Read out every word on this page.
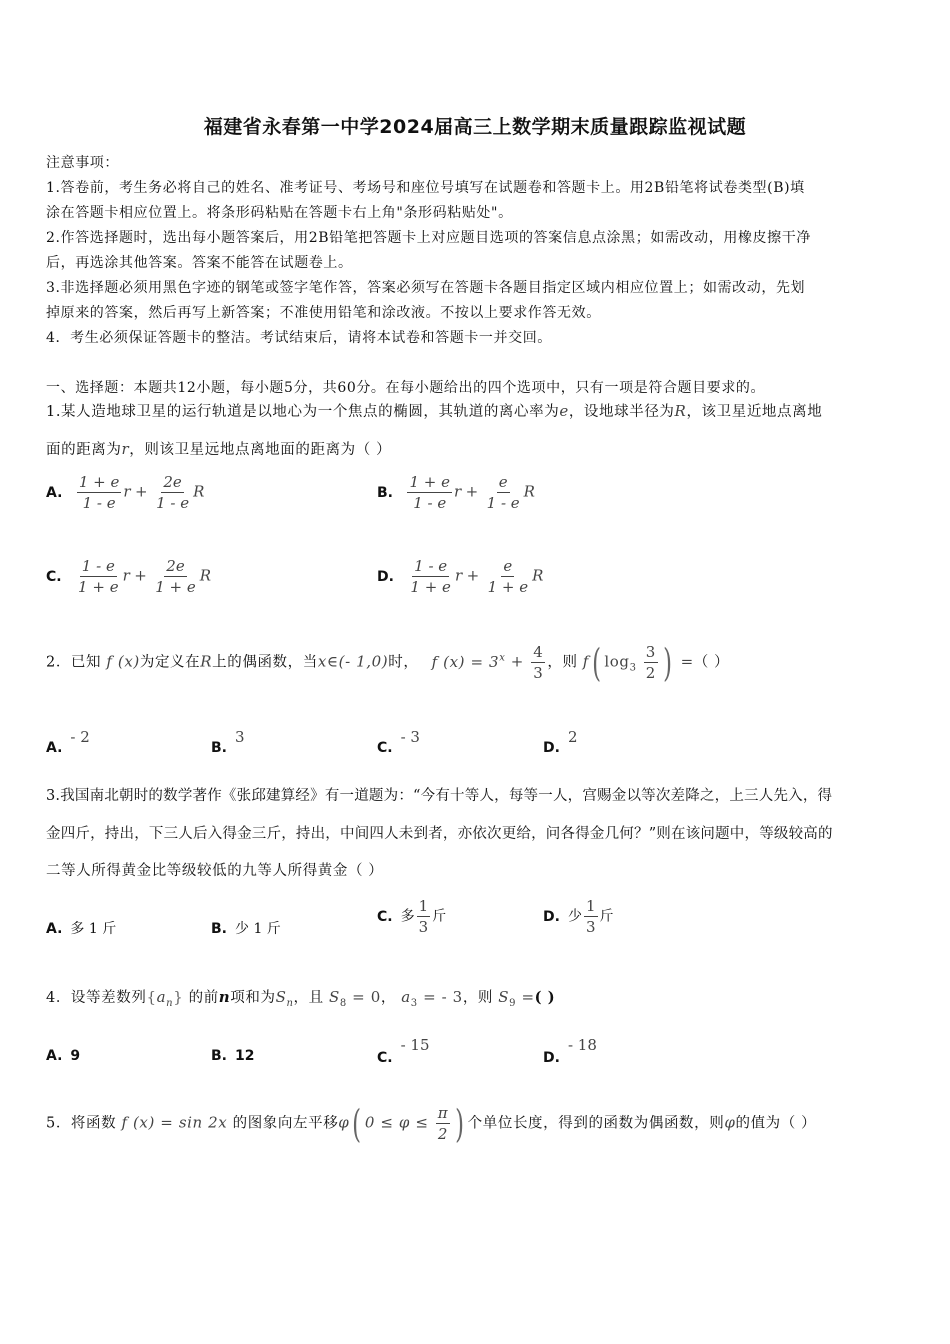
福建省永春第一中学2024届高三上数学期末质量跟踪监视试题
注意事项：
1.答卷前，考生务必将自己的姓名、准考证号、考场号和座位号填写在试题卷和答题卡上。用2B铅笔将试卷类型(B)填
涂在答题卡相应位置上。将条形码粘贴在答题卡右上角"条形码粘贴处"。
2.作答选择题时，选出每小题答案后，用2B铅笔把答题卡上对应题目选项的答案信息点涂黑；如需改动，用橡皮擦干净
后，再选涂其他答案。答案不能答在试题卷上。
3.非选择题必须用黑色字迹的钢笔或签字笔作答，答案必须写在答题卡各题目指定区域内相应位置上；如需改动，先划
掉原来的答案，然后再写上新答案；不准使用铅笔和涂改液。不按以上要求作答无效。
4．考生必须保证答题卡的整洁。考试结束后，请将本试卷和答题卡一并交回。
一、选择题：本题共12小题，每小题5分，共60分。在每小题给出的四个选项中，只有一项是符合题目要求的。
1.某人造地球卫星的运行轨道是以地心为一个焦点的椭圆，其轨道的离心率为e，设地球半径为R，该卫星近地点离地
面的距离为r，则该卫星远地点离地面的距离为（ ）
A. $\frac{1 + e}{1 - e}$ $r + \frac{2e}{1 - e}$ R	B. $\frac{1 + e}{1 - e}$ $r + \frac{e}{1 - e}$ R
C. $\frac{1 - e}{1 + e}$ $r + \frac{2e}{1 + e}$ R	D. $\frac{1 - e}{1 + e}$ $r + \frac{e}{1 + e}$ R
2．已知 f (x)为定义在R上的偶函数，当x∈(- 1,0)时， f $(x) = 3^x + \frac{4}{3}$ ，则 f( $\log_3 \frac{3}{2}$ ) =（ ）
A.- 2
B.3
C.- 3
D.2
3.我国南北朝时的数学著作《张邱建算经》有一道题为：“今有十等人，每等一人，宫赐金以等次差降之，上三人先入，得
金四斤，持出，下三人后入得金三斤，持出，中间四人未到者，亦依次更给，问各得金几何？”则在该问题中，等级较高的
二等人所得黄金比等级较低的九等人所得黄金（ ）
A. 多 1 斤	B. 少 1 斤
C. 多 $\frac{1}{3}$ 斤	D. 少 $\frac{1}{3}$ 斤
4．设等差数列$\{a_n\}$ 的前n项和为$S_n$，且 $S_8 = 0$， $a_3$ = - 3，则 $S_9$ =( )
A. 9	B. 12	C.- 15
D.- 18
5．将函数 f (x) = sin 2x 的图象向左平移φ( $0 \le \varphi \le \frac{\pi}{2}$ ) 个单位长度，得到的函数为偶函数，则φ的值为（ ）
